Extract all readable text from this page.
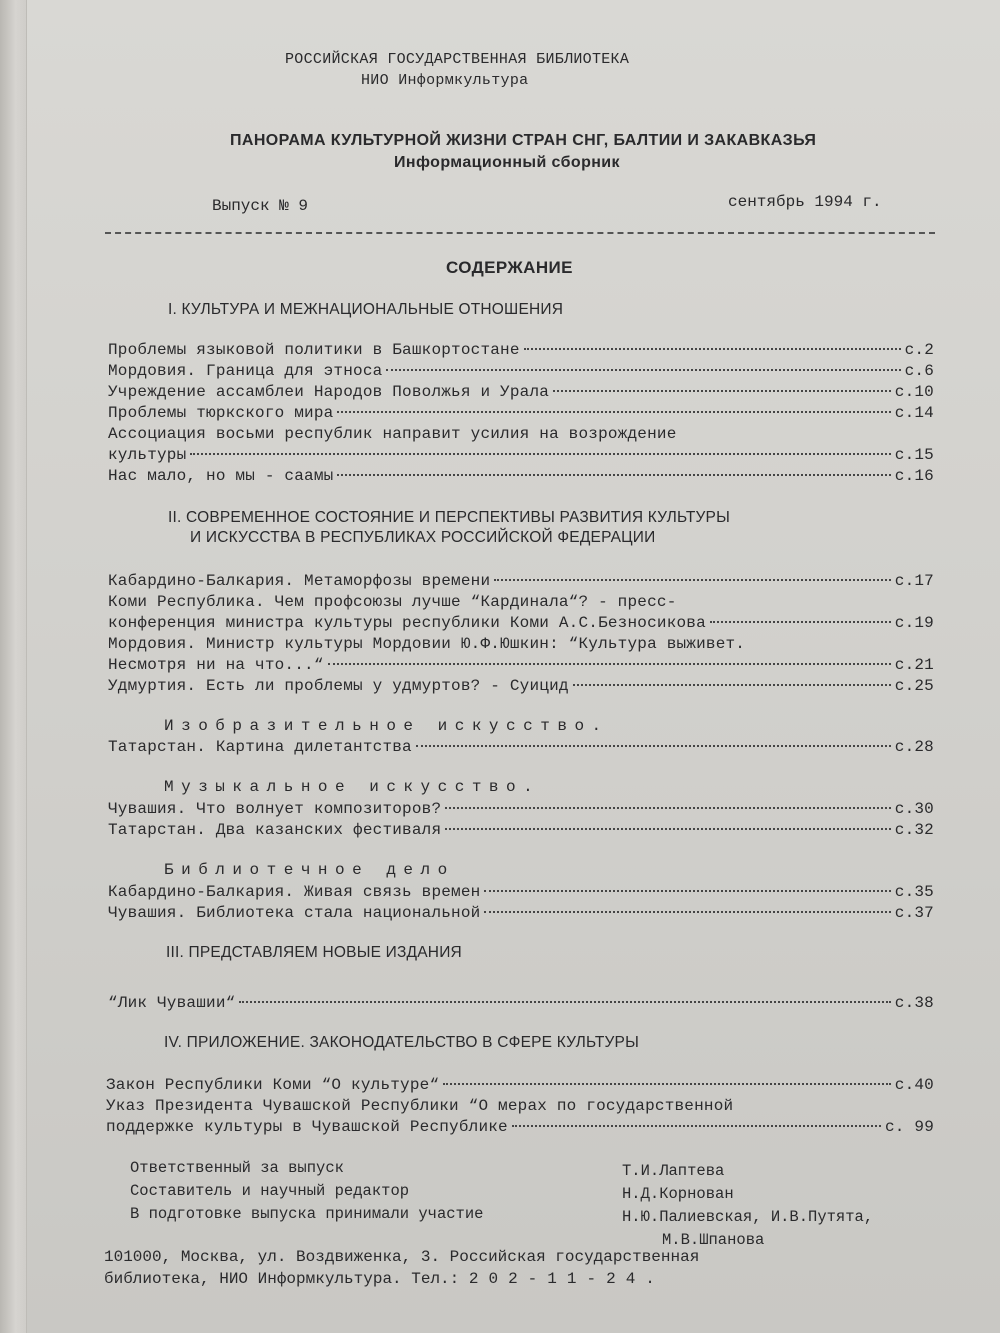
РОССИЙСКАЯ ГОСУДАРСТВЕННАЯ БИБЛИОТЕКА
НИО Информкультура
ПАНОРАМА КУЛЬТУРНОЙ ЖИЗНИ СТРАН СНГ, БАЛТИИ И ЗАКАВКАЗЬЯ
Информационный сборник
Выпуск № 9	сентябрь 1994 г.
СОДЕРЖАНИЕ
I. КУЛЬТУРА И МЕЖНАЦИОНАЛЬНЫЕ ОТНОШЕНИЯ
Проблемы языковой политики в Башкортостане	с.2
Мордовия. Граница для этноса	с.6
Учреждение ассамблеи Народов Поволжья и Урала	с.10
Проблемы тюркского мира	с.14
Ассоциация восьми республик направит усилия на возрождение
культуры	с.15
Нас мало, но мы - саамы	с.16
II. СОВРЕМЕННОЕ СОСТОЯНИЕ И ПЕРСПЕКТИВЫ РАЗВИТИЯ КУЛЬТУРЫ
И ИСКУССТВА В РЕСПУБЛИКАХ РОССИЙСКОЙ ФЕДЕРАЦИИ
Кабардино-Балкария. Метаморфозы времени	с.17
Коми Республика. Чем профсоюзы лучше “Кардинала“? - пресс-
конференция министра культуры республики Коми А.С.Безносикова	с.19
Мордовия. Министр культуры Мордовии Ю.Ф.Юшкин: “Культура выживет.
Несмотря ни на что...“	с.21
Удмуртия. Есть ли проблемы у удмуртов? - Суицид	с.25
Изобразительное искусство.
Татарстан. Картина дилетантства	с.28
Музыкальное искусство.
Чувашия. Что волнует композиторов?	с.30
Татарстан. Два казанских фестиваля	с.32
Библиотечное дело
Кабардино-Балкария. Живая связь времен	с.35
Чувашия. Библиотека стала национальной	с.37
III. ПРЕДСТАВЛЯЕМ НОВЫЕ ИЗДАНИЯ
“Лик Чувашии“	с.38
IV. ПРИЛОЖЕНИЕ. ЗАКОНОДАТЕЛЬСТВО В СФЕРЕ КУЛЬТУРЫ
Закон Республики Коми “О культуре“	с.40
Указ Президента Чувашской Республики “О мерах по государственной
поддержке культуры в Чувашской Республике	с. 99
Ответственный за выпуск	Т.И.Лаптева
Составитель и научный редактор	Н.Д.Корнован
В подготовке выпуска принимали участие	Н.Ю.Палиевская, И.В.Путята,
М.В.Шпанова
101000, Москва, ул. Воздвиженка, 3. Российская государственная
библиотека, НИО Информкультура. Тел.: 202-11-24.
